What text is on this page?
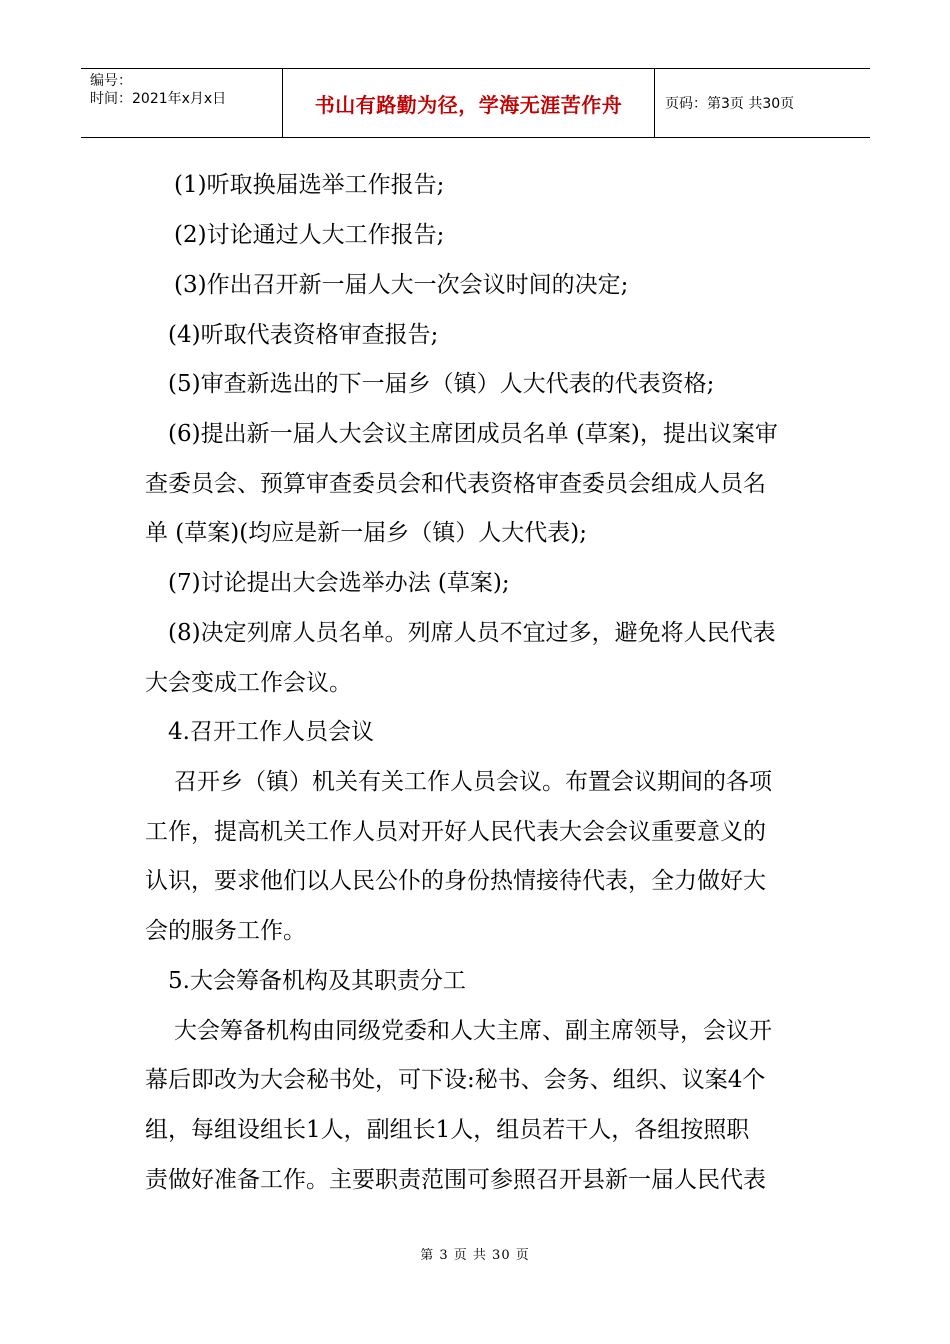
编号：
时间：2021年x月x日	书山有路勤为径，学海无涯苦作舟	页码：第3页 共30页
(1)听取换届选举工作报告;
(2)讨论通过人大工作报告;
(3)作出召开新一届人大一次会议时间的决定;
(4)听取代表资格审查报告;
(5)审查新选出的下一届乡（镇）人大代表的代表资格;
(6)提出新一届人大会议主席团成员名单 (草案)，提出议案审
查委员会、预算审查委员会和代表资格审查委员会组成人员名
单 (草案)(均应是新一届乡（镇）人大代表);
(7)讨论提出大会选举办法 (草案);
(8)决定列席人员名单。列席人员不宜过多，避免将人民代表
大会变成工作会议。
4.召开工作人员会议
召开乡（镇）机关有关工作人员会议。布置会议期间的各项
工作，提高机关工作人员对开好人民代表大会会议重要意义的
认识，要求他们以人民公仆的身份热情接待代表，全力做好大
会的服务工作。
5.大会筹备机构及其职责分工
大会筹备机构由同级党委和人大主席、副主席领导，会议开
幕后即改为大会秘书处，可下设:秘书、会务、组织、议案4个
组，每组设组长1人，副组长1人，组员若干人，各组按照职
责做好准备工作。主要职责范围可参照召开县新一届人民代表
第 3 页 共 30 页
